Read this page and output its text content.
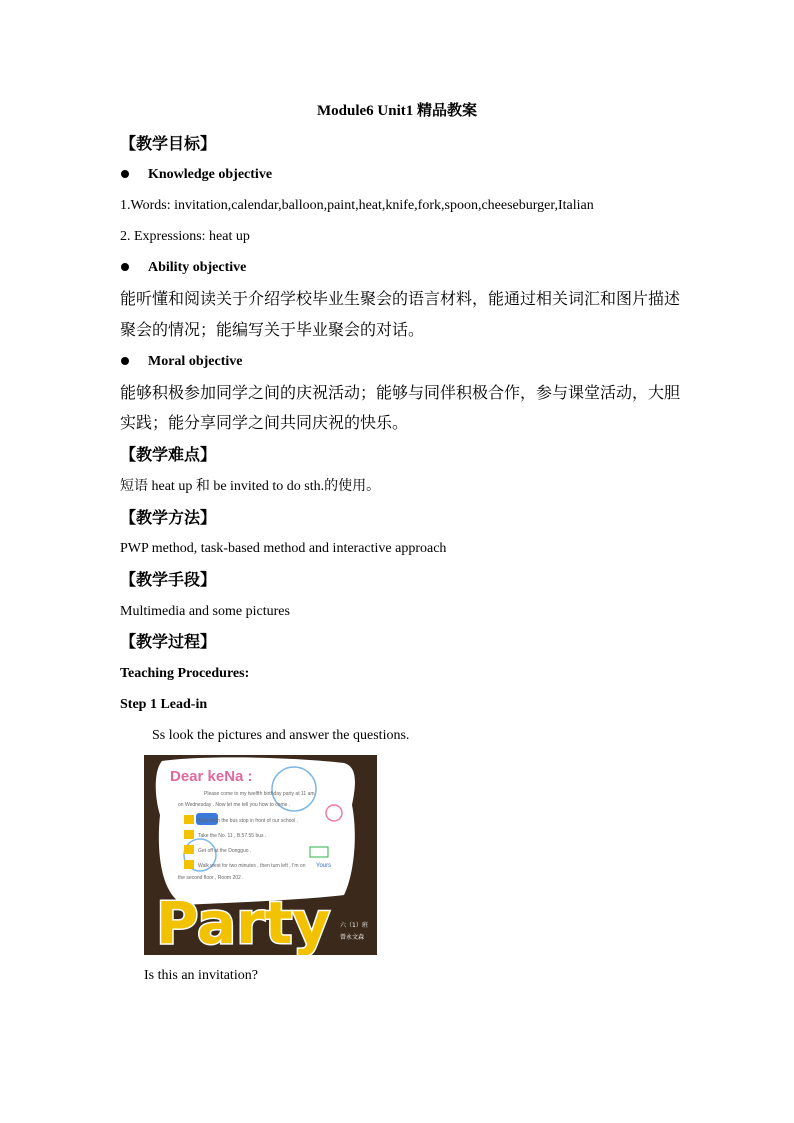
Module6 Unit1 精品教案
【教学目标】
Knowledge objective
1.Words: invitation,calendar,balloon,paint,heat,knife,fork,spoon,cheeseburger,Italian
2. Expressions: heat up
Ability objective
能听懂和阅读关于介绍学校毕业生聚会的语言材料，能通过相关词汇和图片描述
聚会的情况；能编写关于毕业聚会的对话。
Moral objective
能够积极参加同学之间的庆祝活动；能够与同伴积极合作，参与课堂活动，大胆
实践；能分享同学之间共同庆祝的快乐。
【教学难点】
短语 heat up 和 be invited to do sth.的使用。
【教学方法】
PWP method, task-based method and interactive approach
【教学手段】
Multimedia and some pictures
【教学过程】
Teaching Procedures:
Step 1 Lead-in
Ss look the pictures and answer the questions.
Dear keNa :
Please come to my twelfth birthday party at 11 am
on Wednesday . Now let me tell you how to come .
Start from the bus stop in front of our school .
Take the No. 11 , B.57.55 bus .
Get off at the Dongguo .
Walk west for two minutes , then turn left , I'm on
the second floor , Room 202 .
Yours
Party 六（1）班
曾永文森
Is this an invitation?
